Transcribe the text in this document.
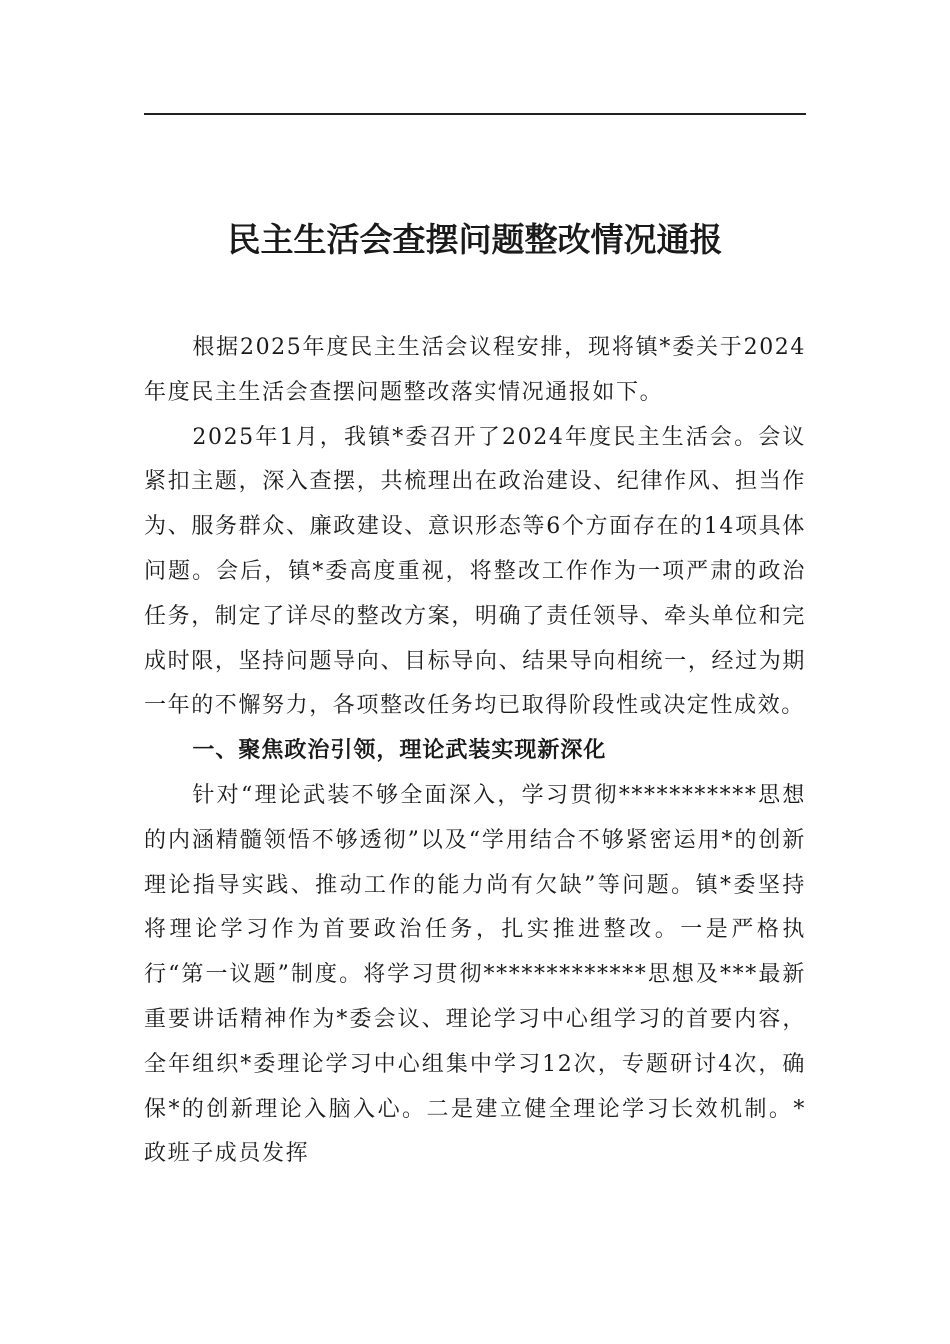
民主生活会查摆问题整改情况通报

根据2025年度民主生活会议程安排，现将镇*委关于2024年度民主生活会查摆问题整改落实情况通报如下。

2025年1月，我镇*委召开了2024年度民主生活会。会议紧扣主题，深入查摆，共梳理出在政治建设、纪律作风、担当作为、服务群众、廉政建设、意识形态等6个方面存在的14项具体问题。会后，镇*委高度重视，将整改工作作为一项严肃的政治任务，制定了详尽的整改方案，明确了责任领导、牵头单位和完成时限，坚持问题导向、目标导向、结果导向相统一，经过为期一年的不懈努力，各项整改任务均已取得阶段性或决定性成效。

一、聚焦政治引领，理论武装实现新深化

针对“理论武装不够全面深入，学习贯彻***********思想的内涵精髓领悟不够透彻”以及“学用结合不够紧密运用*的创新理论指导实践、推动工作的能力尚有欠缺”等问题。镇*委坚持将理论学习作为首要政治任务，扎实推进整改。一是严格执行“第一议题”制度。将学习贯彻*************思想及***最新重要讲话精神作为*委会议、理论学习中心组学习的首要内容，全年组织*委理论学习中心组集中学习12次，专题研讨4次，确保*的创新理论入脑入心。二是建立健全理论学习长效机制。*政班子成员发挥
